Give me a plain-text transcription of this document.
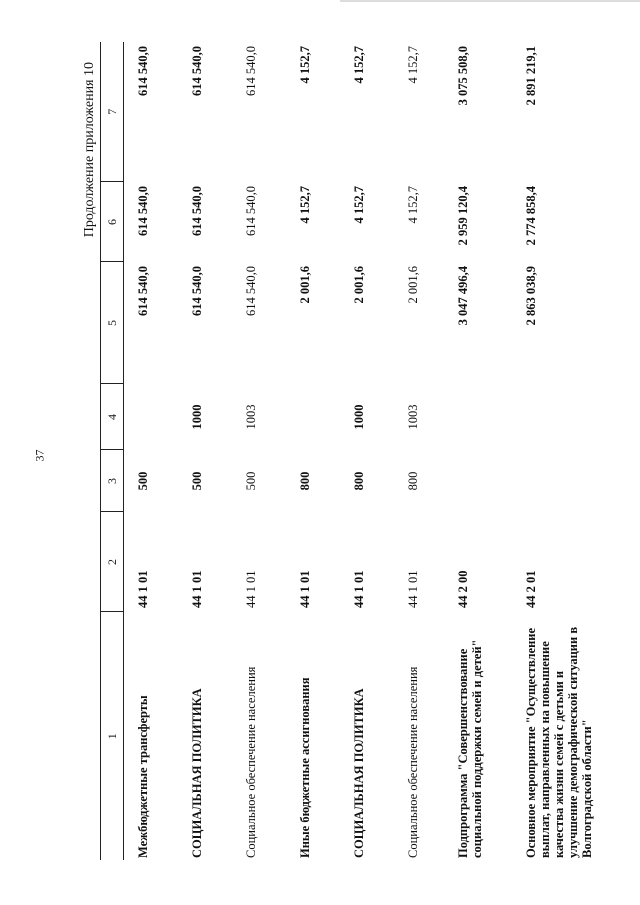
37
Продолжение приложения 10
1	2	3	4	5	6	7
Межбюджетные трансферты	44 1 01	500		614 540,0	614 540,0	614 540,0
СОЦИАЛЬНАЯ ПОЛИТИКА	44 1 01	500	1000	614 540,0	614 540,0	614 540,0
Социальное обеспечение населения	44 1 01	500	1003	614 540,0	614 540,0	614 540,0
Иные бюджетные ассигнования	44 1 01	800		2 001,6	4 152,7	4 152,7
СОЦИАЛЬНАЯ ПОЛИТИКА	44 1 01	800	1000	2 001,6	4 152,7	4 152,7
Социальное обеспечение населения	44 1 01	800	1003	2 001,6	4 152,7	4 152,7
Подпрограмма "Совершенствование социальной поддержки семей и детей"	44 2 00			3 047 496,4	2 959 120,4	3 075 508,0
Основное мероприятие "Осуществление выплат, направленных на повышение качества жизни семей с детьми и улучшение демографической ситуации в Волгоградской области"	44 2 01			2 863 038,9	2 774 858,4	2 891 219,1
